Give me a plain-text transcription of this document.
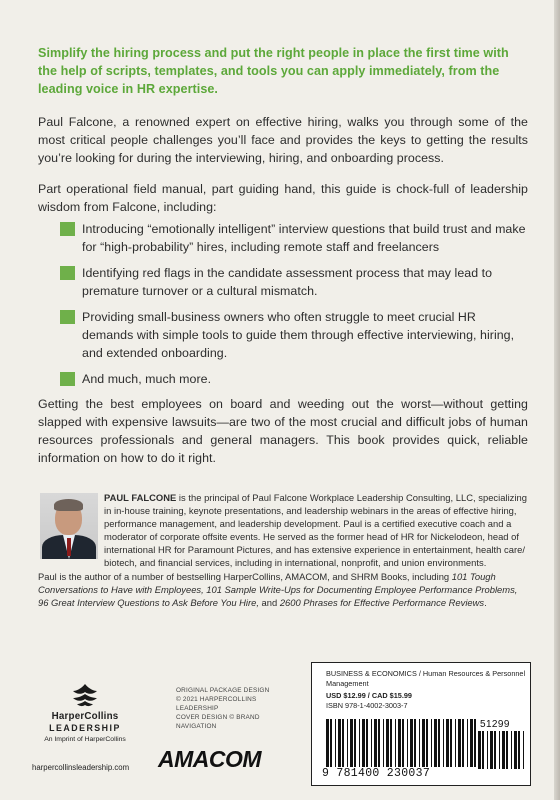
Simplify the hiring process and put the right people in place the first time with the help of scripts, templates, and tools you can apply immediately, from the leading voice in HR expertise.

Paul Falcone, a renowned expert on effective hiring, walks you through some of the most critical people challenges you’ll face and provides the keys to getting the results you’re looking for during the interviewing, hiring, and onboarding process.

Part operational field manual, part guiding hand, this guide is chock-full of leadership wisdom from Falcone, including:

Introducing “emotionally intelligent” interview questions that build trust and make for “high-probability” hires, including remote staff and freelancers
Identifying red flags in the candidate assessment process that may lead to premature turnover or a cultural mismatch.
Providing small-business owners who often struggle to meet crucial HR demands with simple tools to guide them through effective interviewing, hiring, and extended onboarding.
And much, much more.

Getting the best employees on board and weeding out the worst—without getting slapped with expensive lawsuits—are two of the most crucial and difficult jobs of human resources professionals and general managers. This book provides quick, reliable information on how to do it right.

PAUL FALCONE is the principal of Paul Falcone Workplace Leadership Consulting, LLC, specializing in in-house training, keynote presentations, and leadership webinars in the areas of effective hiring, performance management, and leadership development. Paul is a certified executive coach and a moderator of corporate offsite events. He served as the former head of HR for Nickelodeon, head of international HR for Paramount Pictures, and has extensive experience in entertainment, health care/ biotech, and financial services, including in international, nonprofit, and union environments.

Paul is the author of a number of bestselling HarperCollins, AMACOM, and SHRM Books, including 101 Tough Conversations to Have with Employees, 101 Sample Write-Ups for Documenting Employee Performance Problems, 96 Great Interview Questions to Ask Before You Hire, and 2600 Phrases for Effective Performance Reviews.

HarperCollins
LEADERSHIP
An Imprint of HarperCollins
harpercollinsleadership.com
ORIGINAL PACKAGE DESIGN
© 2021 HARPERCOLLINS LEADERSHIP
COVER DESIGN © BRAND NAVIGATION
AMACOM
BUSINESS & ECONOMICS / Human Resources & Personnel Management
USD $12.99 / CAD $15.99
ISBN 978-1-4002-3003-7
51299
9 781400 230037
